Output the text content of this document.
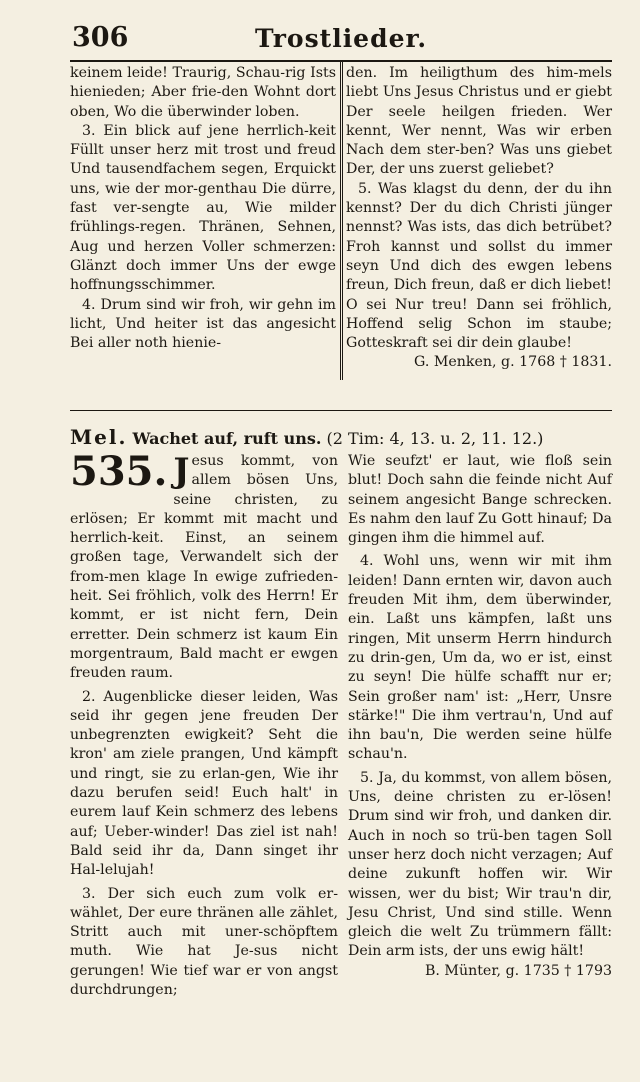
306	Trostlieder.

keinem leide! Traurig, Schau-rig Ists hienieden; Aber frie-den Wohnt dort oben, Wo die überwinder loben.

3. Ein blick auf jene herrlich-keit Füllt unser herz mit trost und freud Und tausendfachem segen, Erquickt uns, wie der mor-genthau Die dürre, fast ver-sengte au, Wie milder frühlings-regen. Thränen, Sehnen, Aug und herzen Voller schmerzen: Glänzt doch immer Uns der ewge hoffnungsschimmer.

4. Drum sind wir froh, wir gehn im licht, Und heiter ist das angesicht Bei aller noth hienie-

den. Im heiligthum des him-mels liebt Uns Jesus Christus und er giebt Der seele heilgen frieden. Wer kennt, Wer nennt, Was wir erben Nach dem ster-ben? Was uns giebet Der, der uns zuerst geliebet?

5. Was klagst du denn, der du ihn kennst? Der du dich Christi jünger nennst? Was ists, das dich betrübet? Froh kannst und sollst du immer seyn Und dich des ewgen lebens freun, Dich freun, daß er dich liebet! O sei Nur treu! Dann sei fröhlich, Hoffend selig Schon im staube; Gotteskraft sei dir dein glaube!

G. Menken, g. 1768 † 1831.
Mel. Wachet auf, ruft uns. (2 Tim: 4, 13. u. 2, 11. 12.)

535. J esus kommt, von allem bösen Uns, seine christen, zu erlösen; Er kommt mit macht und herrlich-keit. Einst, an seinem großen tage, Verwandelt sich der from-men klage In ewige zufrieden-heit. Sei fröhlich, volk des Herrn! Er kommt, er ist nicht fern, Dein erretter. Dein schmerz ist kaum Ein morgentraum, Bald macht er ewgen freuden raum.

2. Augenblicke dieser leiden, Was seid ihr gegen jene freuden Der unbegrenzten ewigkeit? Seht die kron' am ziele prangen, Und kämpft und ringt, sie zu erlan-gen, Wie ihr dazu berufen seid! Euch halt' in eurem lauf Kein schmerz des lebens auf; Ueber-winder! Das ziel ist nah! Bald seid ihr da, Dann singet ihr Hal-lelujah!

3. Der sich euch zum volk er-wählet, Der eure thränen alle zählet, Stritt auch mit uner-schöpftem muth. Wie hat Je-sus nicht gerungen! Wie tief war er von angst durchdrungen;

Wie seufzt' er laut, wie floß sein blut! Doch sahn die feinde nicht Auf seinem angesicht Bange schrecken. Es nahm den lauf Zu Gott hinauf; Da gingen ihm die himmel auf.

4. Wohl uns, wenn wir mit ihm leiden! Dann ernten wir, davon auch freuden Mit ihm, dem überwinder, ein. Laßt uns kämpfen, laßt uns ringen, Mit unserm Herrn hindurch zu drin-gen, Um da, wo er ist, einst zu seyn! Die hülfe schafft nur er; Sein großer nam' ist: „Herr, Unsre stärke!" Die ihm vertrau'n, Und auf ihn bau'n, Die werden seine hülfe schau'n.

5. Ja, du kommst, von allem bösen, Uns, deine christen zu er-lösen! Drum sind wir froh, und danken dir. Auch in noch so trü-ben tagen Soll unser herz doch nicht verzagen; Auf deine zukunft hoffen wir. Wir wissen, wer du bist; Wir trau'n dir, Jesu Christ, Und sind stille. Wenn gleich die welt Zu trümmern fällt: Dein arm ists, der uns ewig hält!

B. Münter, g. 1735 † 1793
